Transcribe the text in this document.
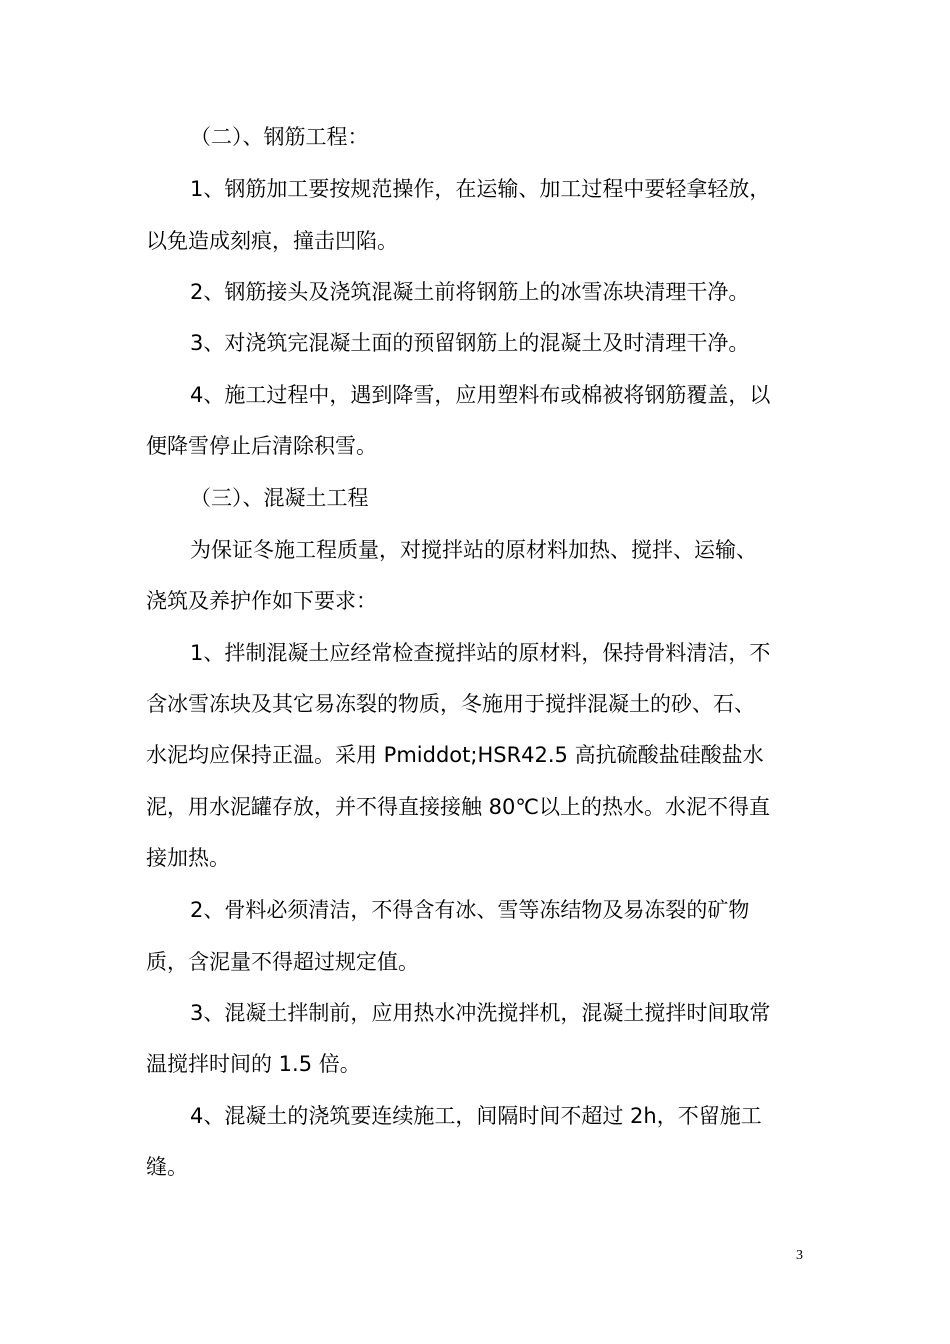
（二）、钢筋工程：
1、钢筋加工要按规范操作，在运输、加工过程中要轻拿轻放，
以免造成刻痕，撞击凹陷。
2、钢筋接头及浇筑混凝土前将钢筋上的冰雪冻块清理干净。
3、对浇筑完混凝土面的预留钢筋上的混凝土及时清理干净。
4、施工过程中，遇到降雪，应用塑料布或棉被将钢筋覆盖，以
便降雪停止后清除积雪。
（三）、混凝土工程
为保证冬施工程质量，对搅拌站的原材料加热、搅拌、运输、
浇筑及养护作如下要求：
1、拌制混凝土应经常检查搅拌站的原材料，保持骨料清洁，不
含冰雪冻块及其它易冻裂的物质，冬施用于搅拌混凝土的砂、石、
水泥均应保持正温。采用 Pmiddot;HSR42.5 高抗硫酸盐硅酸盐水
泥，用水泥罐存放，并不得直接接触 80℃以上的热水。水泥不得直
接加热。
2、骨料必须清洁，不得含有冰、雪等冻结物及易冻裂的矿物
质，含泥量不得超过规定值。
3、混凝土拌制前，应用热水冲洗搅拌机，混凝土搅拌时间取常
温搅拌时间的 1.5 倍。
4、混凝土的浇筑要连续施工，间隔时间不超过 2h，不留施工
缝。
3
